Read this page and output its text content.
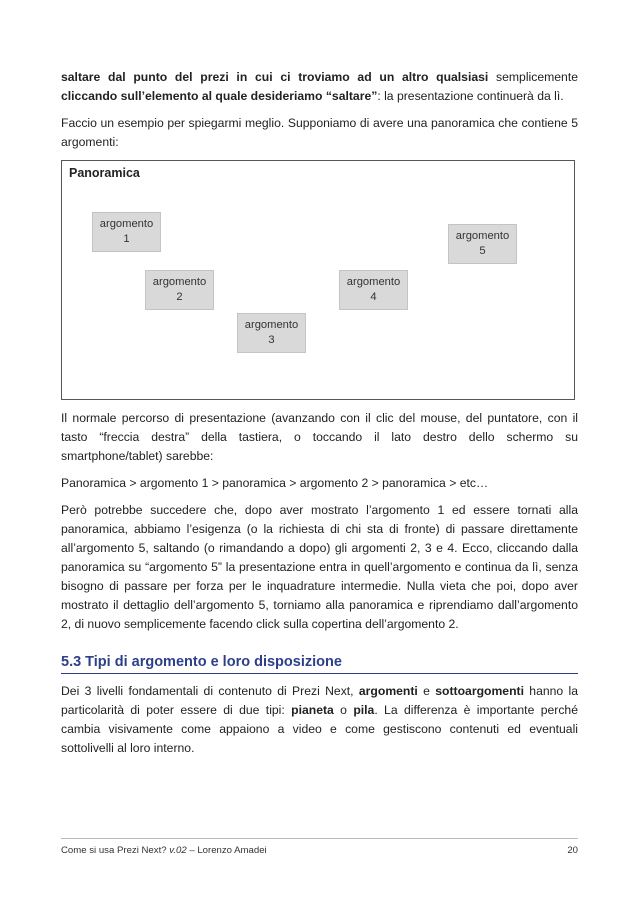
saltare dal punto del prezi in cui ci troviamo ad un altro qualsiasi semplicemente cliccando sull’elemento al quale desideriamo “saltare”: la presentazione continuerà da lì.

Faccio un esempio per spiegarmi meglio. Supponiamo di avere una panoramica che contiene 5 argomenti:

Panoramica
argomento
1
argomento
2
argomento
3
argomento
4
argomento
5

Il normale percorso di presentazione (avanzando con il clic del mouse, del puntatore, con il tasto “freccia destra” della tastiera, o toccando il lato destro dello schermo su smartphone/tablet) sarebbe:

Panoramica > argomento 1 > panoramica > argomento 2 > panoramica > etc…

Però potrebbe succedere che, dopo aver mostrato l’argomento 1 ed essere tornati alla panoramica, abbiamo l’esigenza (o la richiesta di chi sta di fronte) di passare direttamente all’argomento 5, saltando (o rimandando a dopo) gli argomenti 2, 3 e 4. Ecco, cliccando dalla panoramica su “argomento 5” la presentazione entra in quell’argomento e continua da lì, senza bisogno di passare per forza per le inquadrature intermedie. Nulla vieta che poi, dopo aver mostrato il dettaglio dell’argomento 5, torniamo alla panoramica e riprendiamo dall’argomento 2, di nuovo semplicemente facendo click sulla copertina dell’argomento 2.

5.3 Tipi di argomento e loro disposizione

Dei 3 livelli fondamentali di contenuto di Prezi Next, argomenti e sottoargomenti hanno la particolarità di poter essere di due tipi: pianeta o pila. La differenza è importante perché cambia visivamente come appaiono a video e come gestiscono contenuti ed eventuali sottolivelli al loro interno.

Come si usa Prezi Next? v.02 – Lorenzo Amadei	20
